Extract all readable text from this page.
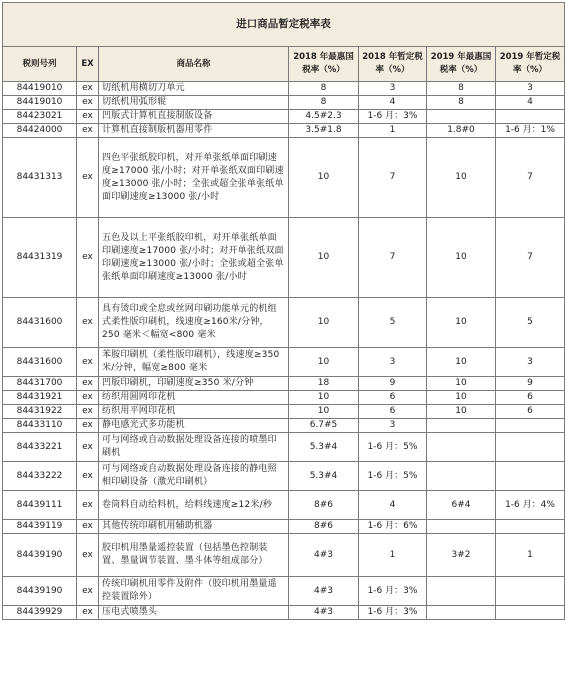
进口商品暂定税率表						
税则号列	EX	商品名称	2018 年最惠国税率（%）	2018 年暂定税率（%）	2019 年最惠国税率（%）	2019 年暂定税率（%）
84419010	ex	切纸机用横切刀单元	8	3	8	3
84419010	ex	切纸机用弧形辊	8	4	8	4
84423021	ex	凹版式计算机直接制版设备	4.5#2.3	1-6 月：3%		
84424000	ex	计算机直接制版机器用零件	3.5#1.8	1	1.8#0	1-6 月：1%
84431313	ex	四色平张纸胶印机，对开单张纸单面印刷速度≥17000 张/小时；对开单张纸双面印刷速度≥13000 张/小时；全张或超全张单张纸单面印刷速度≥13000 张/小时	10	7	10	7
84431319	ex	五色及以上平张纸胶印机，对开单张纸单面印刷速度≥17000 张/小时；对开单张纸双面印刷速度≥13000 张/小时；全张或超全张单张纸单面印刷速度≥13000 张/小时	10	7	10	7
84431600	ex	具有烫印或全息或丝网印刷功能单元的机组式柔性版印刷机，线速度≥160米/分钟，250 毫米＜幅宽<800 毫米	10	5	10	5
84431600	ex	苯胺印刷机（柔性版印刷机），线速度≥350 米/分钟，幅宽≥800 毫米	10	3	10	3
84431700	ex	凹版印刷机，印刷速度≥350 米/分钟	18	9	10	9
84431921	ex	纺织用圆网印花机	10	6	10	6
84431922	ex	纺织用平网印花机	10	6	10	6
84433110	ex	静电感光式多功能机	6.7#5	3		
84433221	ex	可与网络或自动数据处理设备连接的喷墨印刷机	5.3#4	1-6 月：5%		
84433222	ex	可与网络或自动数据处理设备连接的静电照相印刷设备（激光印刷机）	5.3#4	1-6 月：5%		
84439111	ex	卷筒料自动给料机，给料线速度≥12米/秒	8#6	4	6#4	1-6 月：4%
84439119	ex	其他传统印刷机用辅助机器	8#6	1-6 月：6%		
84439190	ex	胶印机用墨量遥控装置（包括墨色控制装置、墨量调节装置、墨斗体等组成部分）	4#3	1	3#2	1
84439190	ex	传统印刷机用零件及附件（胶印机用墨量遥控装置除外）	4#3	1-6 月：3%		
84439929	ex	压电式喷墨头	4#3	1-6 月：3%		
